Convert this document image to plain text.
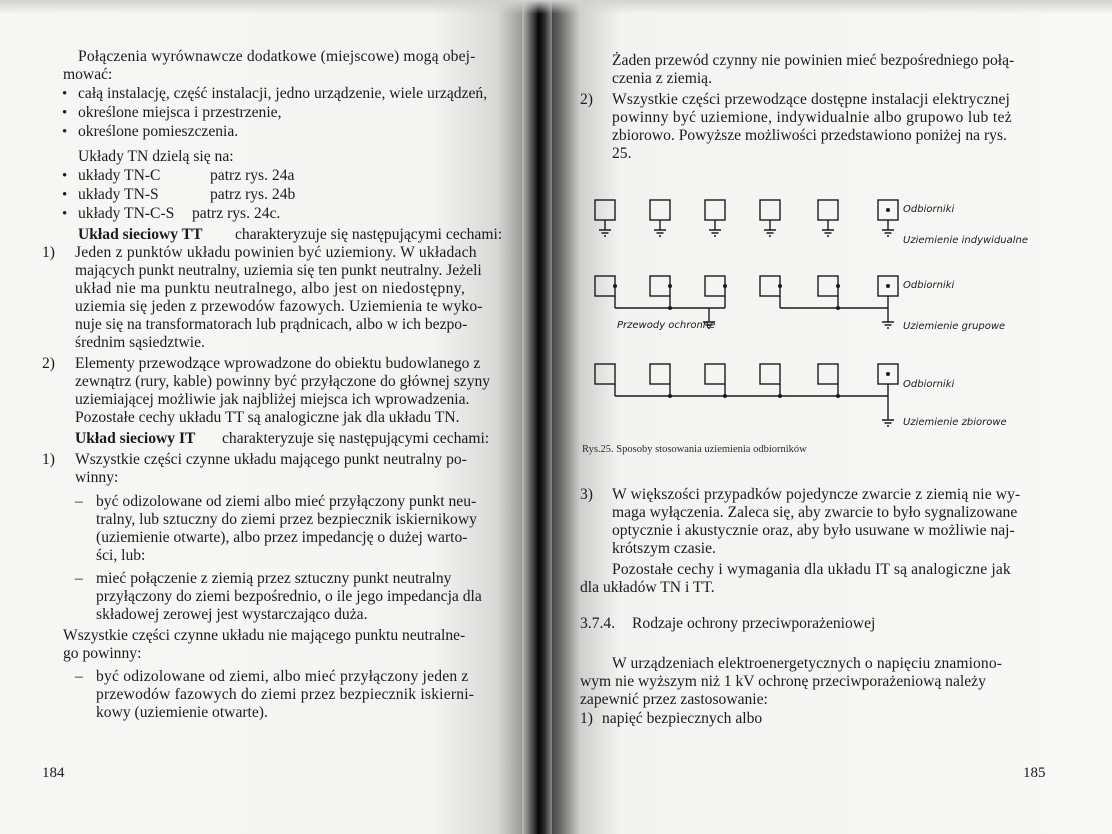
Połączenia wyrównawcze dodatkowe (miejscowe) mogą obej-
mować:
• całą instalację, część instalacji, jedno urządzenie, wiele urządzeń,
• określone miejsca i przestrzenie,
• określone pomieszczenia.
Układy TN dzielą się na:
• układy TN-C	patrz rys. 24a
• układy TN-S	patrz rys. 24b
• układy TN-C-S patrz rys. 24c.
Układ sieciowy TT charakteryzuje się następującymi cechami:
1) Jeden z punktów układu powinien być uziemiony. W układach
mających punkt neutralny, uziemia się ten punkt neutralny. Jeżeli
układ nie ma punktu neutralnego, albo jest on niedostępny,
uziemia się jeden z przewodów fazowych. Uziemienia te wyko-
nuje się na transformatorach lub prądnicach, albo w ich bezpo-
średnim sąsiedztwie.
2) Elementy przewodzące wprowadzone do obiektu budowlanego z
zewnątrz (rury, kable) powinny być przyłączone do głównej szyny
uziemiającej możliwie jak najbliżej miejsca ich wprowadzenia.
Pozostałe cechy układu TT są analogiczne jak dla układu TN.
Układ sieciowy IT charakteryzuje się następującymi cechami:
1) Wszystkie części czynne układu mającego punkt neutralny po-
winny:
– być odizolowane od ziemi albo mieć przyłączony punkt neu-
tralny, lub sztuczny do ziemi przez bezpiecznik iskiernikowy
(uziemienie otwarte), albo przez impedancję o dużej warto-
ści, lub:
– mieć połączenie z ziemią przez sztuczny punkt neutralny
przyłączony do ziemi bezpośrednio, o ile jego impedancja dla
składowej zerowej jest wystarczająco duża.
Wszystkie części czynne układu nie mającego punktu neutralne-
go powinny:
– być odizolowane od ziemi, albo mieć przyłączony jeden z
przewodów fazowych do ziemi przez bezpiecznik iskierni-
kowy (uziemienie otwarte).
184
Żaden przewód czynny nie powinien mieć bezpośredniego połą-
czenia z ziemią.
2) Wszystkie części przewodzące dostępne instalacji elektrycznej
powinny być uziemione, indywidualnie albo grupowo lub też
zbiorowo. Powyższe możliwości przedstawiono poniżej na rys.
25.
Rys.25. Sposoby stosowania uziemienia odbiorników
3) W większości przypadków pojedyncze zwarcie z ziemią nie wy-
maga wyłączenia. Zaleca się, aby zwarcie to było sygnalizowane
optycznie i akustycznie oraz, aby było usuwane w możliwie naj-
krótszym czasie.
Pozostałe cechy i wymagania dla układu IT są analogiczne jak
dla układów TN i TT.
3.7.4. Rodzaje ochrony przeciwporażeniowej
W urządzeniach elektroenergetycznych o napięciu znamiono-
wym nie wyższym niż 1 kV ochronę przeciwporażeniową należy
zapewnić przez zastosowanie:
1) napięć bezpiecznych albo
185
Odbiorniki
Uziemienie indywidualne
Odbiorniki
Przewody ochronne	Uziemienie grupowe
Odbiorniki
Uziemienie zbiorowe
